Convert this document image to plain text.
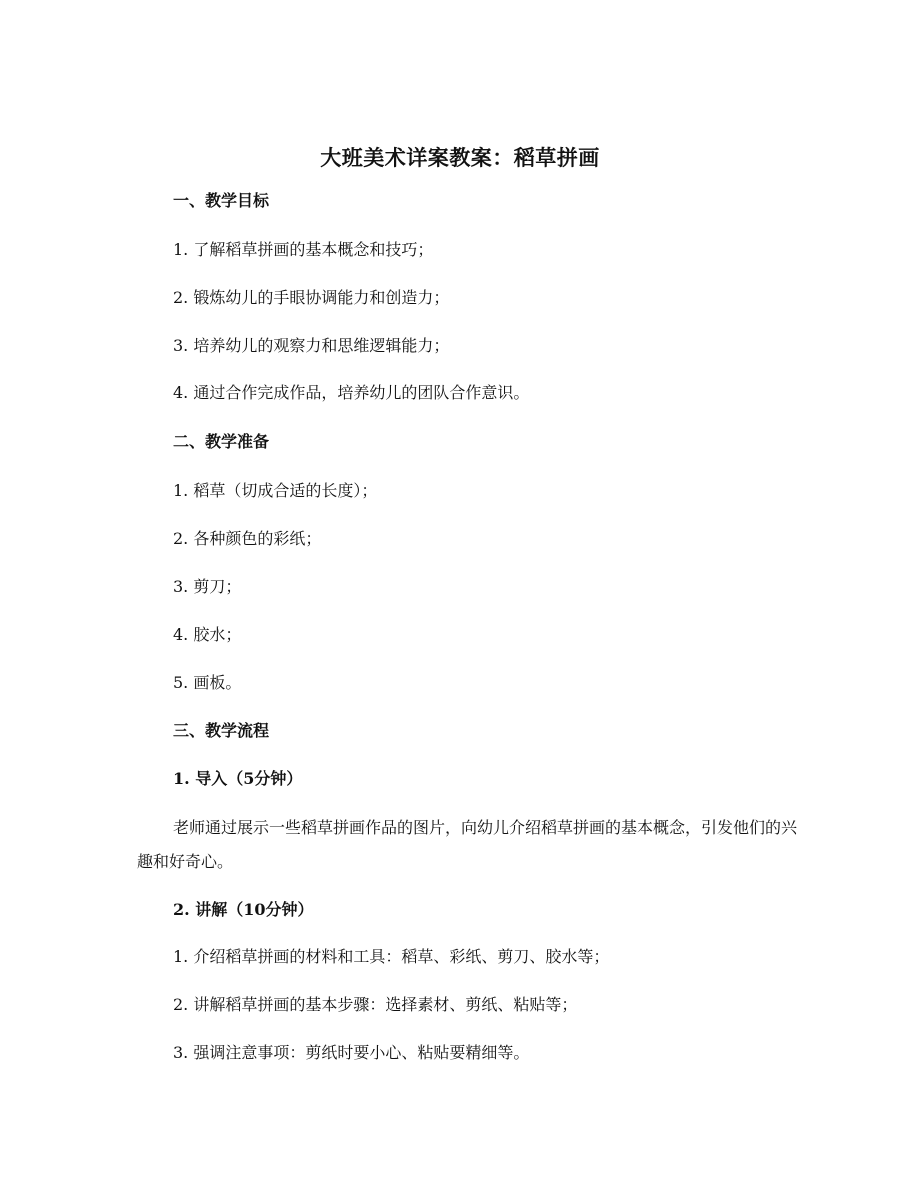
大班美术详案教案：稻草拼画
一、教学目标
1. 了解稻草拼画的基本概念和技巧；
2. 锻炼幼儿的手眼协调能力和创造力；
3. 培养幼儿的观察力和思维逻辑能力；
4. 通过合作完成作品，培养幼儿的团队合作意识。
二、教学准备
1. 稻草（切成合适的长度）；
2. 各种颜色的彩纸；
3. 剪刀；
4. 胶水；
5. 画板。
三、教学流程
1. 导入（5分钟）

老师通过展示一些稻草拼画作品的图片，向幼儿介绍稻草拼画的基本概念，引发他们的兴趣和好奇心。

2. 讲解（10分钟）
1. 介绍稻草拼画的材料和工具：稻草、彩纸、剪刀、胶水等；
2. 讲解稻草拼画的基本步骤：选择素材、剪纸、粘贴等；
3. 强调注意事项：剪纸时要小心、粘贴要精细等。
